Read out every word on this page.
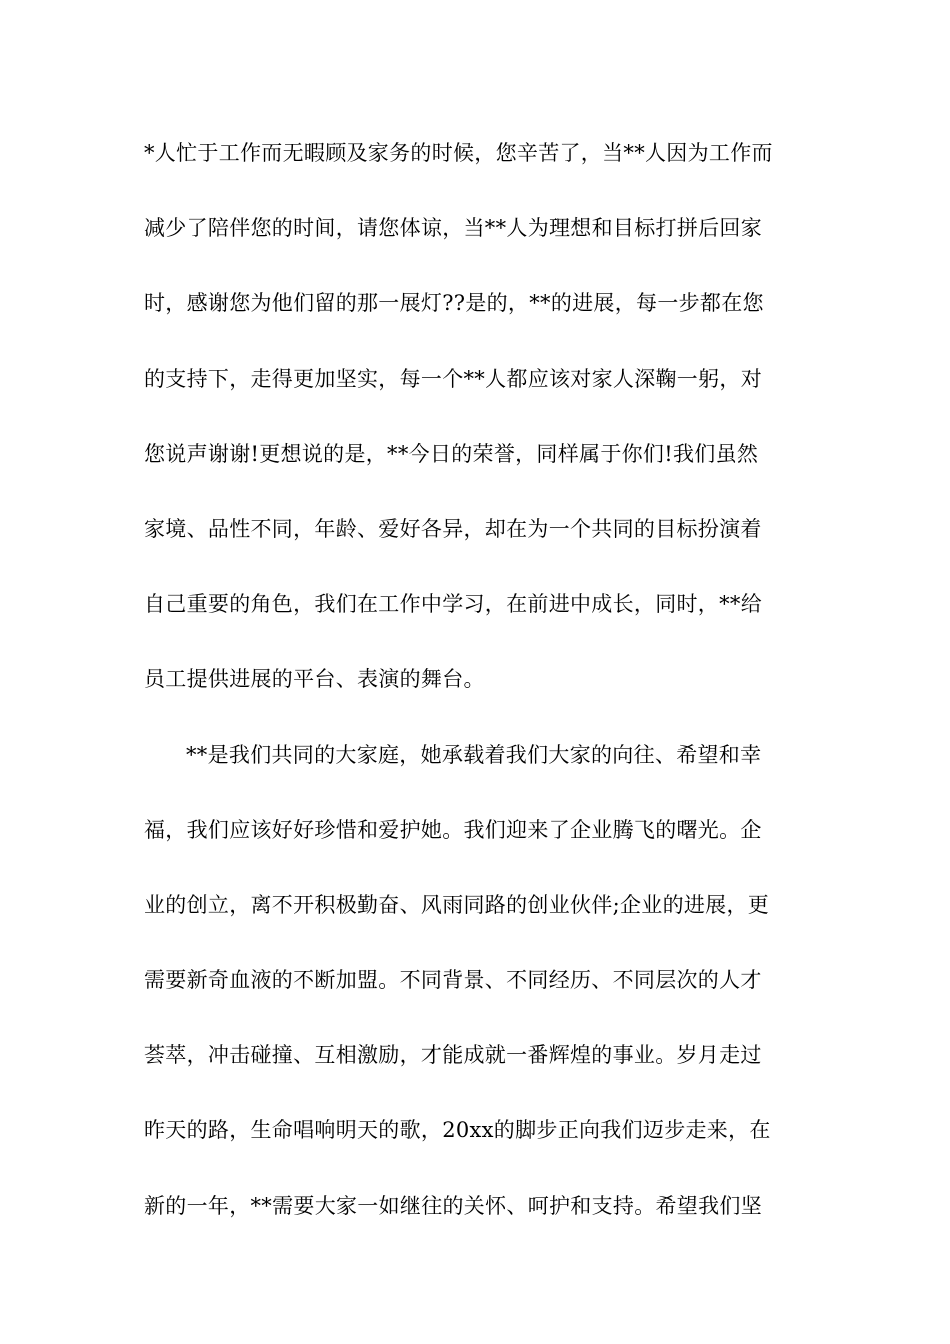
*人忙于工作而无暇顾及家务的时候，您辛苦了，当**人因为工作而
减少了陪伴您的时间，请您体谅，当**人为理想和目标打拼后回家
时，感谢您为他们留的那一展灯??是的，**的进展，每一步都在您
的支持下，走得更加坚实，每一个**人都应该对家人深鞠一躬，对
您说声谢谢!更想说的是，**今日的荣誉，同样属于你们!我们虽然
家境、品性不同，年龄、爱好各异，却在为一个共同的目标扮演着
自己重要的角色，我们在工作中学习，在前进中成长，同时，**给
员工提供进展的平台、表演的舞台。
**是我们共同的大家庭，她承载着我们大家的向往、希望和幸
福，我们应该好好珍惜和爱护她。我们迎来了企业腾飞的曙光。企
业的创立，离不开积极勤奋、风雨同路的创业伙伴;企业的进展，更
需要新奇血液的不断加盟。不同背景、不同经历、不同层次的人才
荟萃，冲击碰撞、互相激励，才能成就一番辉煌的事业。岁月走过
昨天的路，生命唱响明天的歌，20xx的脚步正向我们迈步走来，在
新的一年，**需要大家一如继往的关怀、呵护和支持。希望我们坚
